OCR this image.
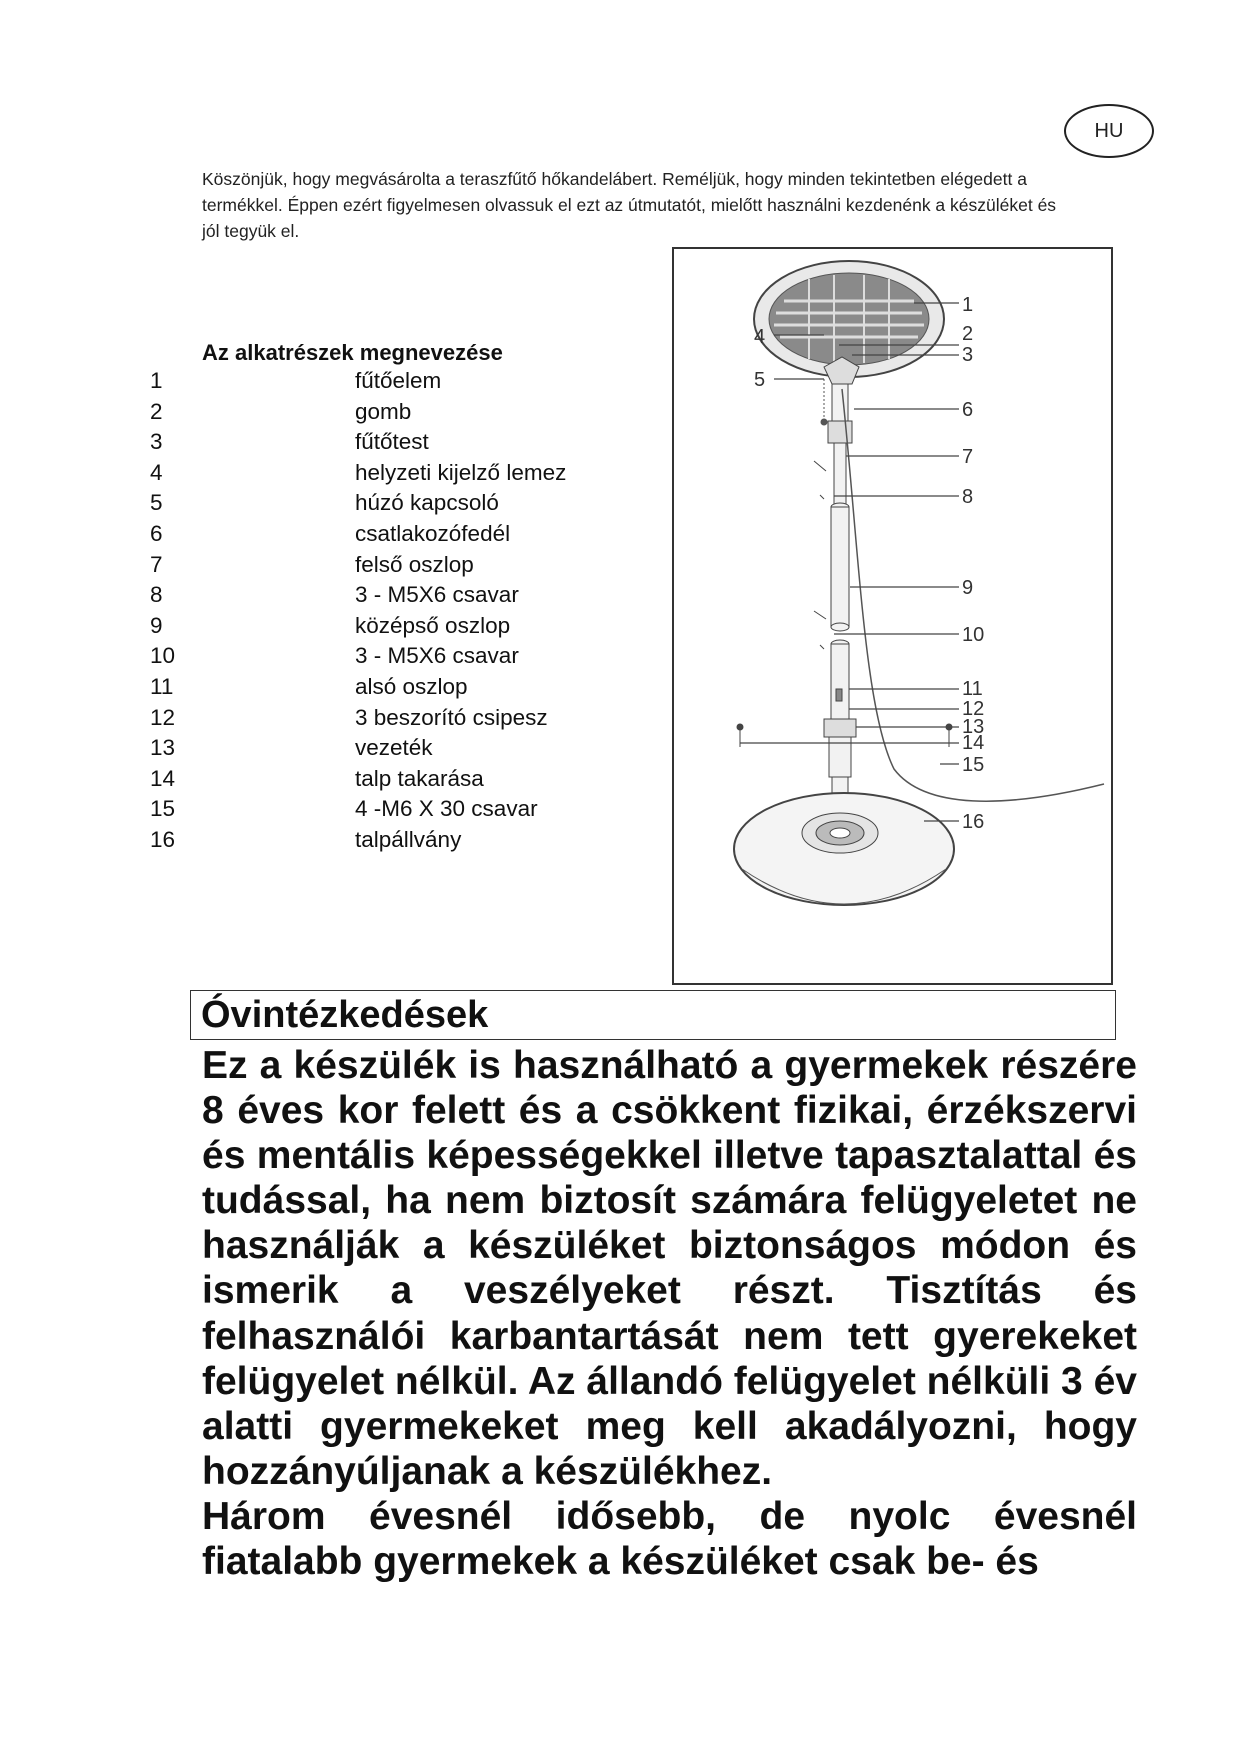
HU
Köszönjük, hogy megvásárolta a teraszfűtő hőkandelábert. Reméljük, hogy minden tekintetben elégedett a termékkel. Éppen ezért figyelmesen olvassuk el ezt az útmutatót, mielőtt használni kezdenénk a készüléket és jól tegyük el.
Az alkatrészek megnevezése
1	fűtőelem
2	gomb
3	fűtőtest
4	helyzeti kijelző lemez
5	húzó kapcsoló
6	csatlakozófedél
7	felső oszlop
8	3 - M5X6 csavar
9	középső oszlop
10	3 - M5X6 csavar
11	alsó oszlop
12	3 beszorító csipesz
13	vezeték
14	talp takarása
15	4 -M6 X 30 csavar
16	talpállvány
1
2
3
4
5
6
7
8
9
10
11
12
13
14
15
16
Óvintézkedések
Ez a készülék is használható a gyermekek részére 8 éves kor felett és a csökkent fizikai, érzékszervi és mentális képességekkel illetve tapasztalattal és tudással, ha nem biztosít számára felügyeletet ne használják a készüléket biztonságos módon és ismerik a veszélyeket részt. Tisztítás és felhasználói karbantartását nem tett gyerekeket felügyelet nélkül. Az állandó felügyelet nélküli 3 év alatti gyermekeket meg kell akadályozni, hogy hozzányúljanak a készülékhez.
Három évesnél idősebb, de nyolc évesnél fiatalabb gyermekek a készüléket csak be- és
